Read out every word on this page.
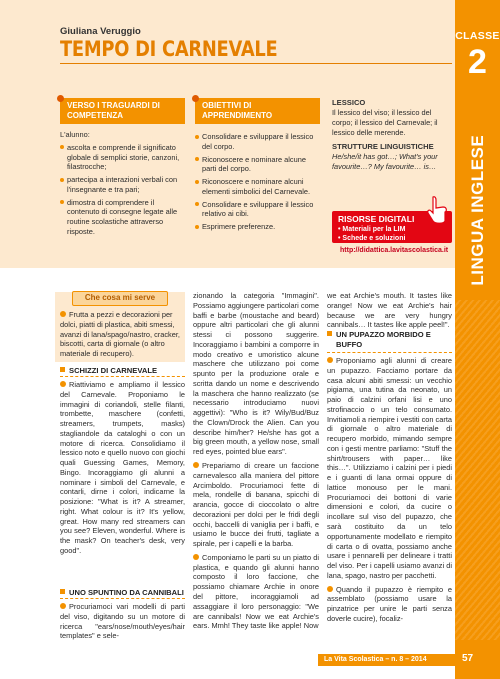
CLASSE
2
LINGUA INGLESE
Giuliana Veruggio
TEMPO DI CARNEVALE
VERSO I TRAGUARDI DI COMPETENZA

L'alunno:

ascolta e comprende il significato globale di semplici storie, canzoni, filastrocche;
partecipa a interazioni verbali con l'insegnante e tra pari;
dimostra di comprendere il contenuto di consegne legate alle routine scolastiche attraverso risposte.
OBIETTIVI DI APPRENDIMENTO
Consolidare e sviluppare il lessico del corpo.
Riconoscere e nominare alcune parti del corpo.
Riconoscere e nominare alcuni elementi simbolici del Carnevale.
Consolidare e sviluppare il lessico relativo ai cibi.
Esprimere preferenze.
LESSICO
Il lessico del viso; il lessico del corpo; il lessico del Carnevale; il lessico delle merende.
STRUTTURE LINGUISTICHE
He/she/it has got…; What's your favourite…? My favourite… is…
RISORSE DIGITALI
• Materiali per la LIM
• Schede e soluzioni
http://didattica.lavitascolastica.it
Che cosa mi serve
Frutta a pezzi e decorazioni per dolci, piatti di plastica, abiti smessi, avanzi di lana/spago/nastro, cracker, biscotti, carta di giornale (o altro materiale di recupero).
SCHIZZI DI CARNEVALE

Riattiviamo e ampliamo il lessico del Carnevale. Proponiamo le immagini di coriandoli, stelle filanti, trombette, maschere (confetti, streamers, trumpets, masks) stagliandole da cataloghi o con un motore di ricerca. Consolidiamo il lessico noto e quello nuovo con giochi quali Guessing Games, Memory, Bingo. Incoraggiamo gli alunni a nominare i simboli del Carnevale, e contarli, dirne i colori, indicarne la posizione: "What is it? A streamer, right. What colour is it? It's yellow, great. How many red streamers can you see? Eleven, wonderful. Where is the mask? On teacher's desk, very good".

UNO SPUNTINO DA CANNIBALI

Procuriamoci vari modelli di parti del viso, digitando su un motore di ricerca "ears/nose/mouth/eyes/hair templates" e sele-

zionando la categoria "Immagini". Possiamo aggiungere particolari come baffi e barbe (moustache and beard) oppure altri particolari che gli alunni stessi ci possono suggerire. Incoraggiamo i bambini a comporre in modo creativo e umoristico alcune maschere che utilizzano poi come spunto per la produzione orale e scritta dando un nome e descrivendo la maschera che hanno realizzato (se necessario introduciamo nuovi aggettivi): "Who is it? Wily/Bud/Buz the Clown/Drock the Alien. Can you describe him/her? He/she has got a big green mouth, a yellow nose, small red eyes, pointed blue ears".

Prepariamo di creare un faccione carnevalesco alla maniera del pittore Arcimboldo. Procuriamoci fette di mela, rondelle di banana, spicchi di arancia, gocce di cioccolato o altre decorazioni per dolci per le fridi degli occhi, baccelli di vaniglia per i baffi, e usiamo le bucce dei frutti, tagliate a spirale, per i capelli e la barba.

Componiamo le parti su un piatto di plastica, e quando gli alunni hanno composto il loro faccione, che possiamo chiamare Archie in onore del pittore, incoraggiamoli ad assaggiare il loro personaggio: "We are cannibals! Now we eat Archie's ears. Mmh! They taste like apple! Now

we eat Archie's mouth. It tastes like orange! Now we eat Archie's hair because we are very hungry cannibals… It tastes like apple peel!".

UN PUPAZZO MORBIDO E BUFFO

Proponiamo agli alunni di creare un pupazzo. Facciamo portare da casa alcuni abiti smessi: un vecchio pigiama, una tutina da neonato, un paio di calzini orfani lisi e uno strofinaccio o un telo consumato. Invitiamoli a riempire i vestiti con carta di giornale o altro materiale di recupero morbido, mimando sempre con i gesti mentre parliamo: "Stuff the shirt/trousers with paper… like this…". Utilizziamo i calzini per i piedi e i guanti di lana ormai oppure di lattice monouso per le mani. Procuriamoci dei bottoni di varie dimensioni e colori, da cucire o incollare sul viso del pupazzo, che sarà costituito da un telo opportunamente modellato e riempito di carta o di ovatta, possiamo anche usare i pennarelli per delineare i tratti del viso. Per i capelli usiamo avanzi di lana, spago, nastro per pacchetti.

Quando il pupazzo è riempito e assemblato (possiamo usare la pinzatrice per unire le parti senza doverle cucire), focaliz-

La Vita Scolastica – n. 8 – 2014	57
